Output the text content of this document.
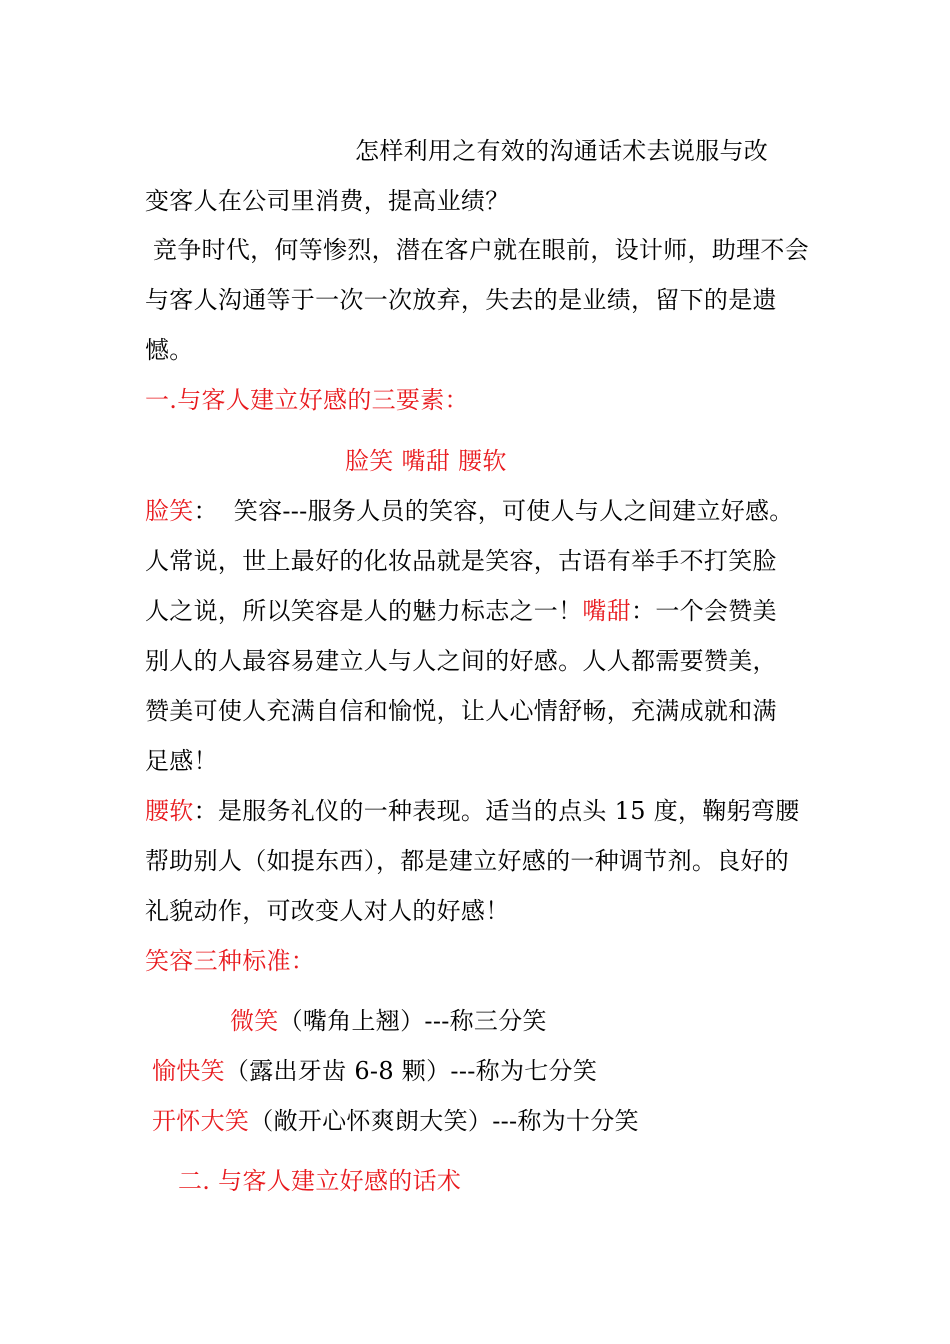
怎样利用之有效的沟通话术去说服与改
变客人在公司里消费，提高业绩？
竞争时代，何等惨烈，潜在客户就在眼前，设计师，助理不会
与客人沟通等于一次一次放弃，失去的是业绩，留下的是遗
憾。
一.与客人建立好感的三要素：
脸笑 嘴甜 腰软
脸笑：  笑容---服务人员的笑容，可使人与人之间建立好感。
人常说，世上最好的化妆品就是笑容，古语有举手不打笑脸
人之说，所以笑容是人的魅力标志之一！嘴甜：一个会赞美
别人的人最容易建立人与人之间的好感。人人都需要赞美，
赞美可使人充满自信和愉悦，让人心情舒畅，充满成就和满
足感！
腰软：是服务礼仪的一种表现。适当的点头 15 度，鞠躬弯腰
帮助别人（如提东西），都是建立好感的一种调节剂。良好的
礼貌动作，可改变人对人的好感！
笑容三种标准：
微笑（嘴角上翘）---称三分笑
愉快笑（露出牙齿 6-8 颗）---称为七分笑
开怀大笑（敞开心怀爽朗大笑）---称为十分笑
二. 与客人建立好感的话术
